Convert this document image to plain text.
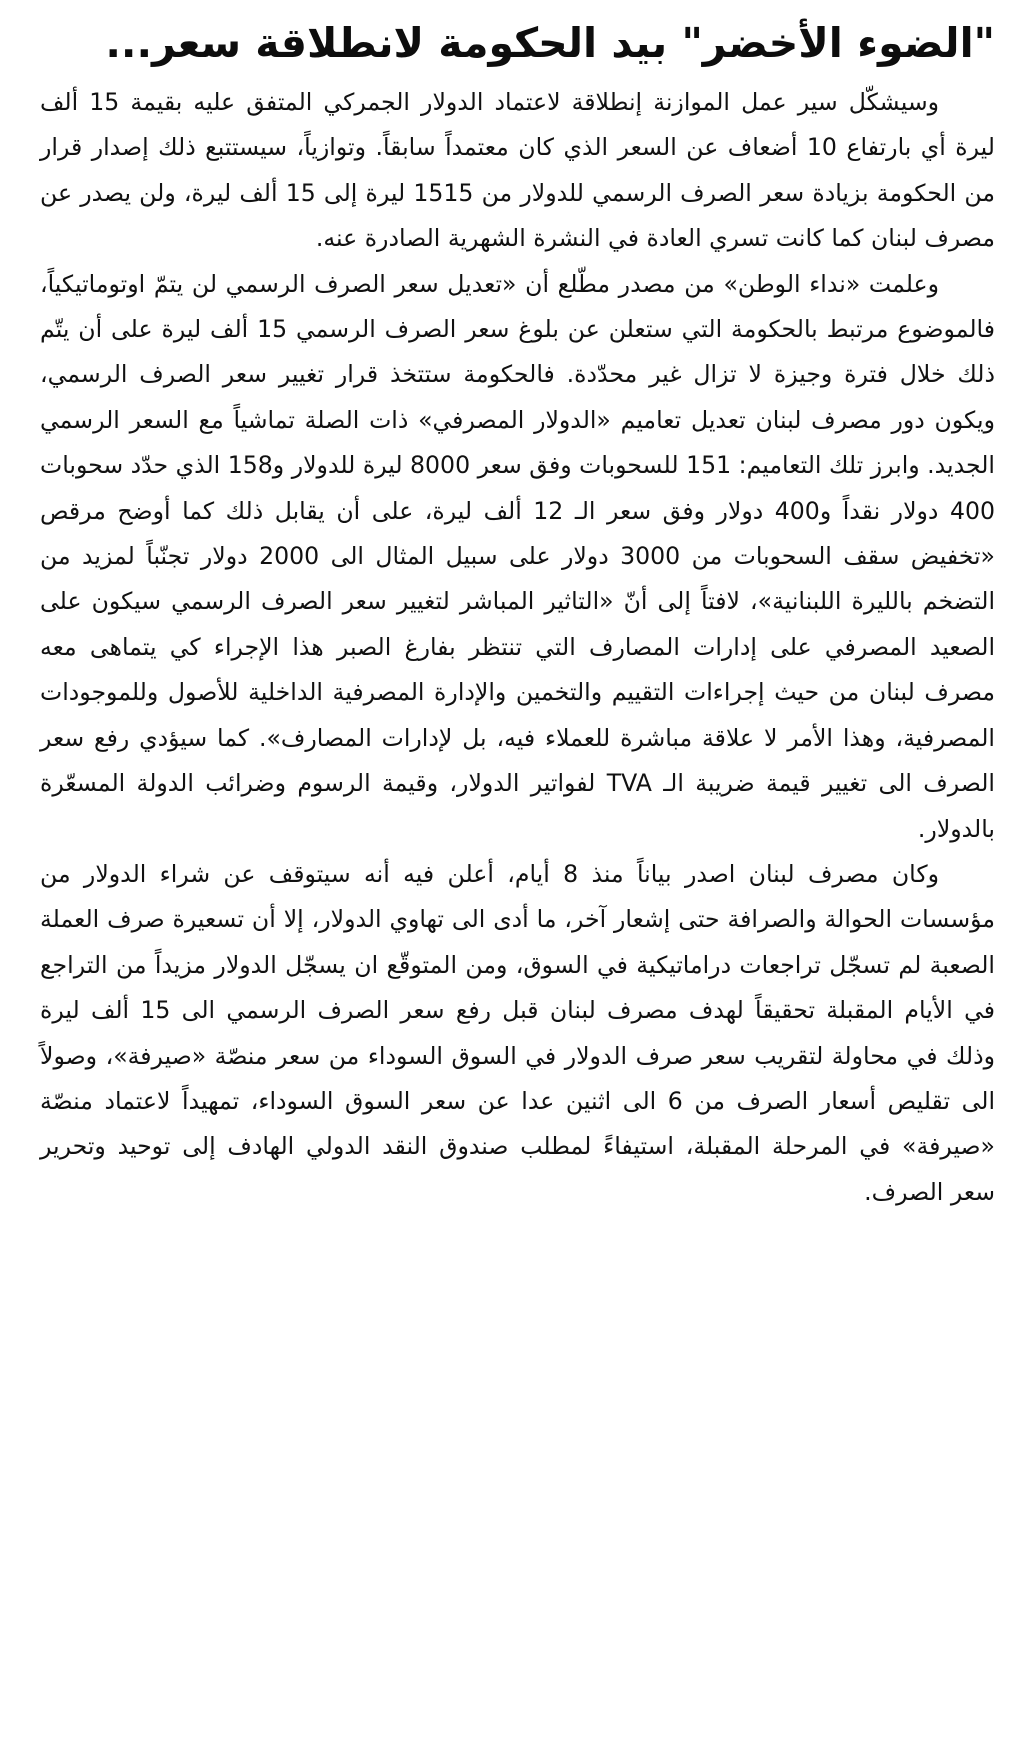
"الضوء الأخضر" بيد الحكومة لانطلاقة سعر...

وسيشكّل سير عمل الموازنة إنطلاقة لاعتماد الدولار الجمركي المتفق عليه بقيمة 15 ألف ليرة أي بارتفاع 10 أضعاف عن السعر الذي كان معتمداً سابقاً. وتوازياً، سيستتبع ذلك إصدار قرار من الحكومة بزيادة سعر الصرف الرسمي للدولار من 1515 ليرة إلى 15 ألف ليرة، ولن يصدر عن مصرف لبنان كما كانت تسري العادة في النشرة الشهرية الصادرة عنه.

وعلمت «نداء الوطن» من مصدر مطّلع أن «تعديل سعر الصرف الرسمي لن يتمّ اوتوماتيكياً، فالموضوع مرتبط بالحكومة التي ستعلن عن بلوغ سعر الصرف الرسمي 15 ألف ليرة على أن يتّم ذلك خلال فترة وجيزة لا تزال غير محدّدة. فالحكومة ستتخذ قرار تغيير سعر الصرف الرسمي، ويكون دور مصرف لبنان تعديل تعاميم «الدولار المصرفي» ذات الصلة تماشياً مع السعر الرسمي الجديد. وابرز تلك التعاميم: 151 للسحوبات وفق سعر 8000 ليرة للدولار و158 الذي حدّد سحوبات 400 دولار نقداً و400 دولار وفق سعر الـ 12 ألف ليرة، على أن يقابل ذلك كما أوضح مرقص «تخفيض سقف السحوبات من 3000 دولار على سبيل المثال الى 2000 دولار تجنّباً لمزيد من التضخم بالليرة اللبنانية»، لافتاً إلى أنّ «التاثير المباشر لتغيير سعر الصرف الرسمي سيكون على الصعيد المصرفي على إدارات المصارف التي تنتظر بفارغ الصبر هذا الإجراء كي يتماهى معه مصرف لبنان من حيث إجراءات التقييم والتخمين والإدارة المصرفية الداخلية للأصول وللموجودات المصرفية، وهذا الأمر لا علاقة مباشرة للعملاء فيه، بل لإدارات المصارف». كما سيؤدي رفع سعر الصرف الى تغيير قيمة ضريبة الـ TVA لفواتير الدولار، وقيمة الرسوم وضرائب الدولة المسعّرة بالدولار.

وكان مصرف لبنان اصدر بياناً منذ 8 أيام، أعلن فيه أنه سيتوقف عن شراء الدولار من مؤسسات الحوالة والصرافة حتى إشعار آخر، ما أدى الى تهاوي الدولار، إلا أن تسعيرة صرف العملة الصعبة لم تسجّل تراجعات دراماتيكية في السوق، ومن المتوقّع ان يسجّل الدولار مزيداً من التراجع في الأيام المقبلة تحقيقاً لهدف مصرف لبنان قبل رفع سعر الصرف الرسمي الى 15 ألف ليرة وذلك في محاولة لتقريب سعر صرف الدولار في السوق السوداء من سعر منصّة «صيرفة»، وصولاً الى تقليص أسعار الصرف من 6 الى اثنين عدا عن سعر السوق السوداء، تمهيداً لاعتماد منصّة «صيرفة» في المرحلة المقبلة، استيفاءً لمطلب صندوق النقد الدولي الهادف إلى توحيد وتحرير سعر الصرف.
